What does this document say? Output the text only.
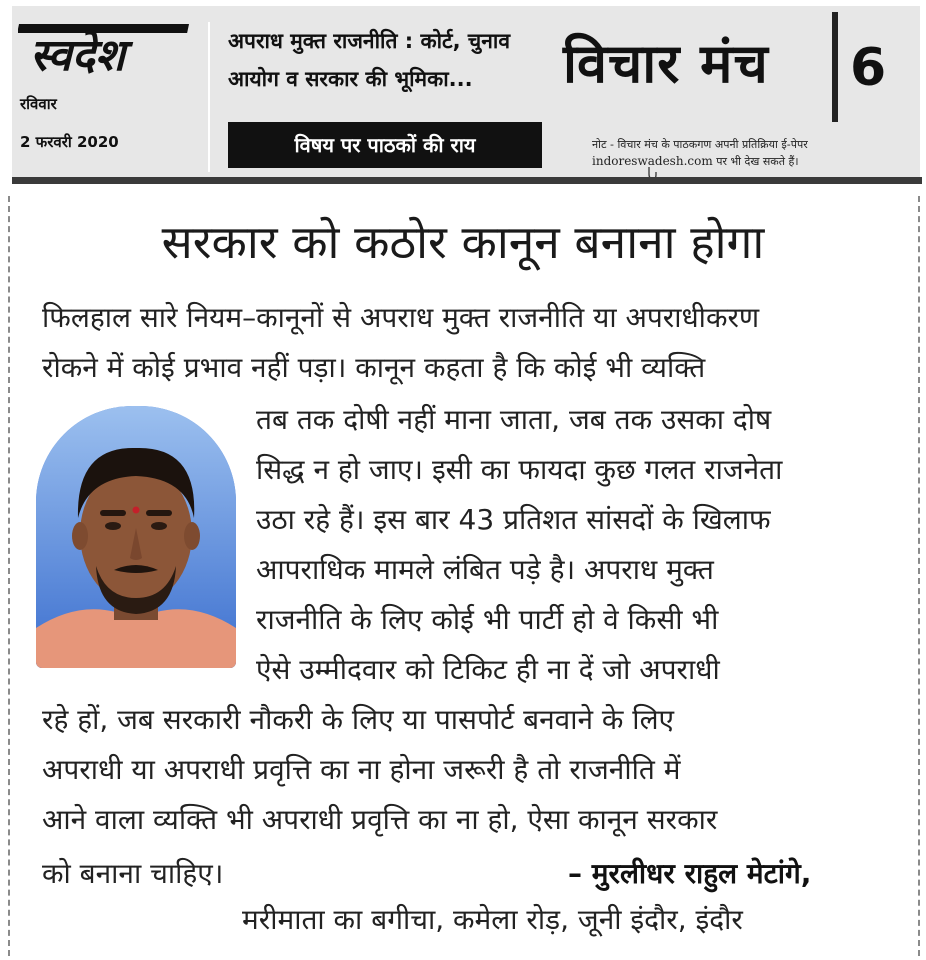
स्वदेश
रविवार
2 फरवरी 2020
अपराध मुक्त राजनीति : कोर्ट, चुनाव
आयोग व सरकार की भूमिका...
विषय पर पाठकों की राय
विचार मंच 6
नोट - विचार मंच के पाठकगण अपनी प्रतिक्रिया ई-पेपर
indoreswadesh.com पर भी देख सकते हैं।
सरकार को कठोर कानून बनाना होगा
फिलहाल सारे नियम–कानूनों से अपराध मुक्त राजनीति या अपराधीकरण
रोकने में कोई प्रभाव नहीं पड़ा। कानून कहता है कि कोई भी व्यक्ति
तब तक दोषी नहीं माना जाता, जब तक उसका दोष
सिद्ध न हो जाए। इसी का फायदा कुछ गलत राजनेता
उठा रहे हैं। इस बार 43 प्रतिशत सांसदों के खिलाफ
आपराधिक मामले लंबित पड़े है। अपराध मुक्त
राजनीति के लिए कोई भी पार्टी हो वे किसी भी
ऐसे उम्मीदवार को टिकिट ही ना दें जो अपराधी
रहे हों, जब सरकारी नौकरी के लिए या पासपोर्ट बनवाने के लिए
अपराधी या अपराधी प्रवृत्ति का ना होना जरूरी है तो राजनीति में
आने वाला व्यक्ति भी अपराधी प्रवृत्ति का ना हो, ऐसा कानून सरकार
को बनाना चाहिए।	– मुरलीधर राहुल मेटांगे,
मरीमाता का बगीचा, कमेला रोड़, जूनी इंदौर, इंदौर
